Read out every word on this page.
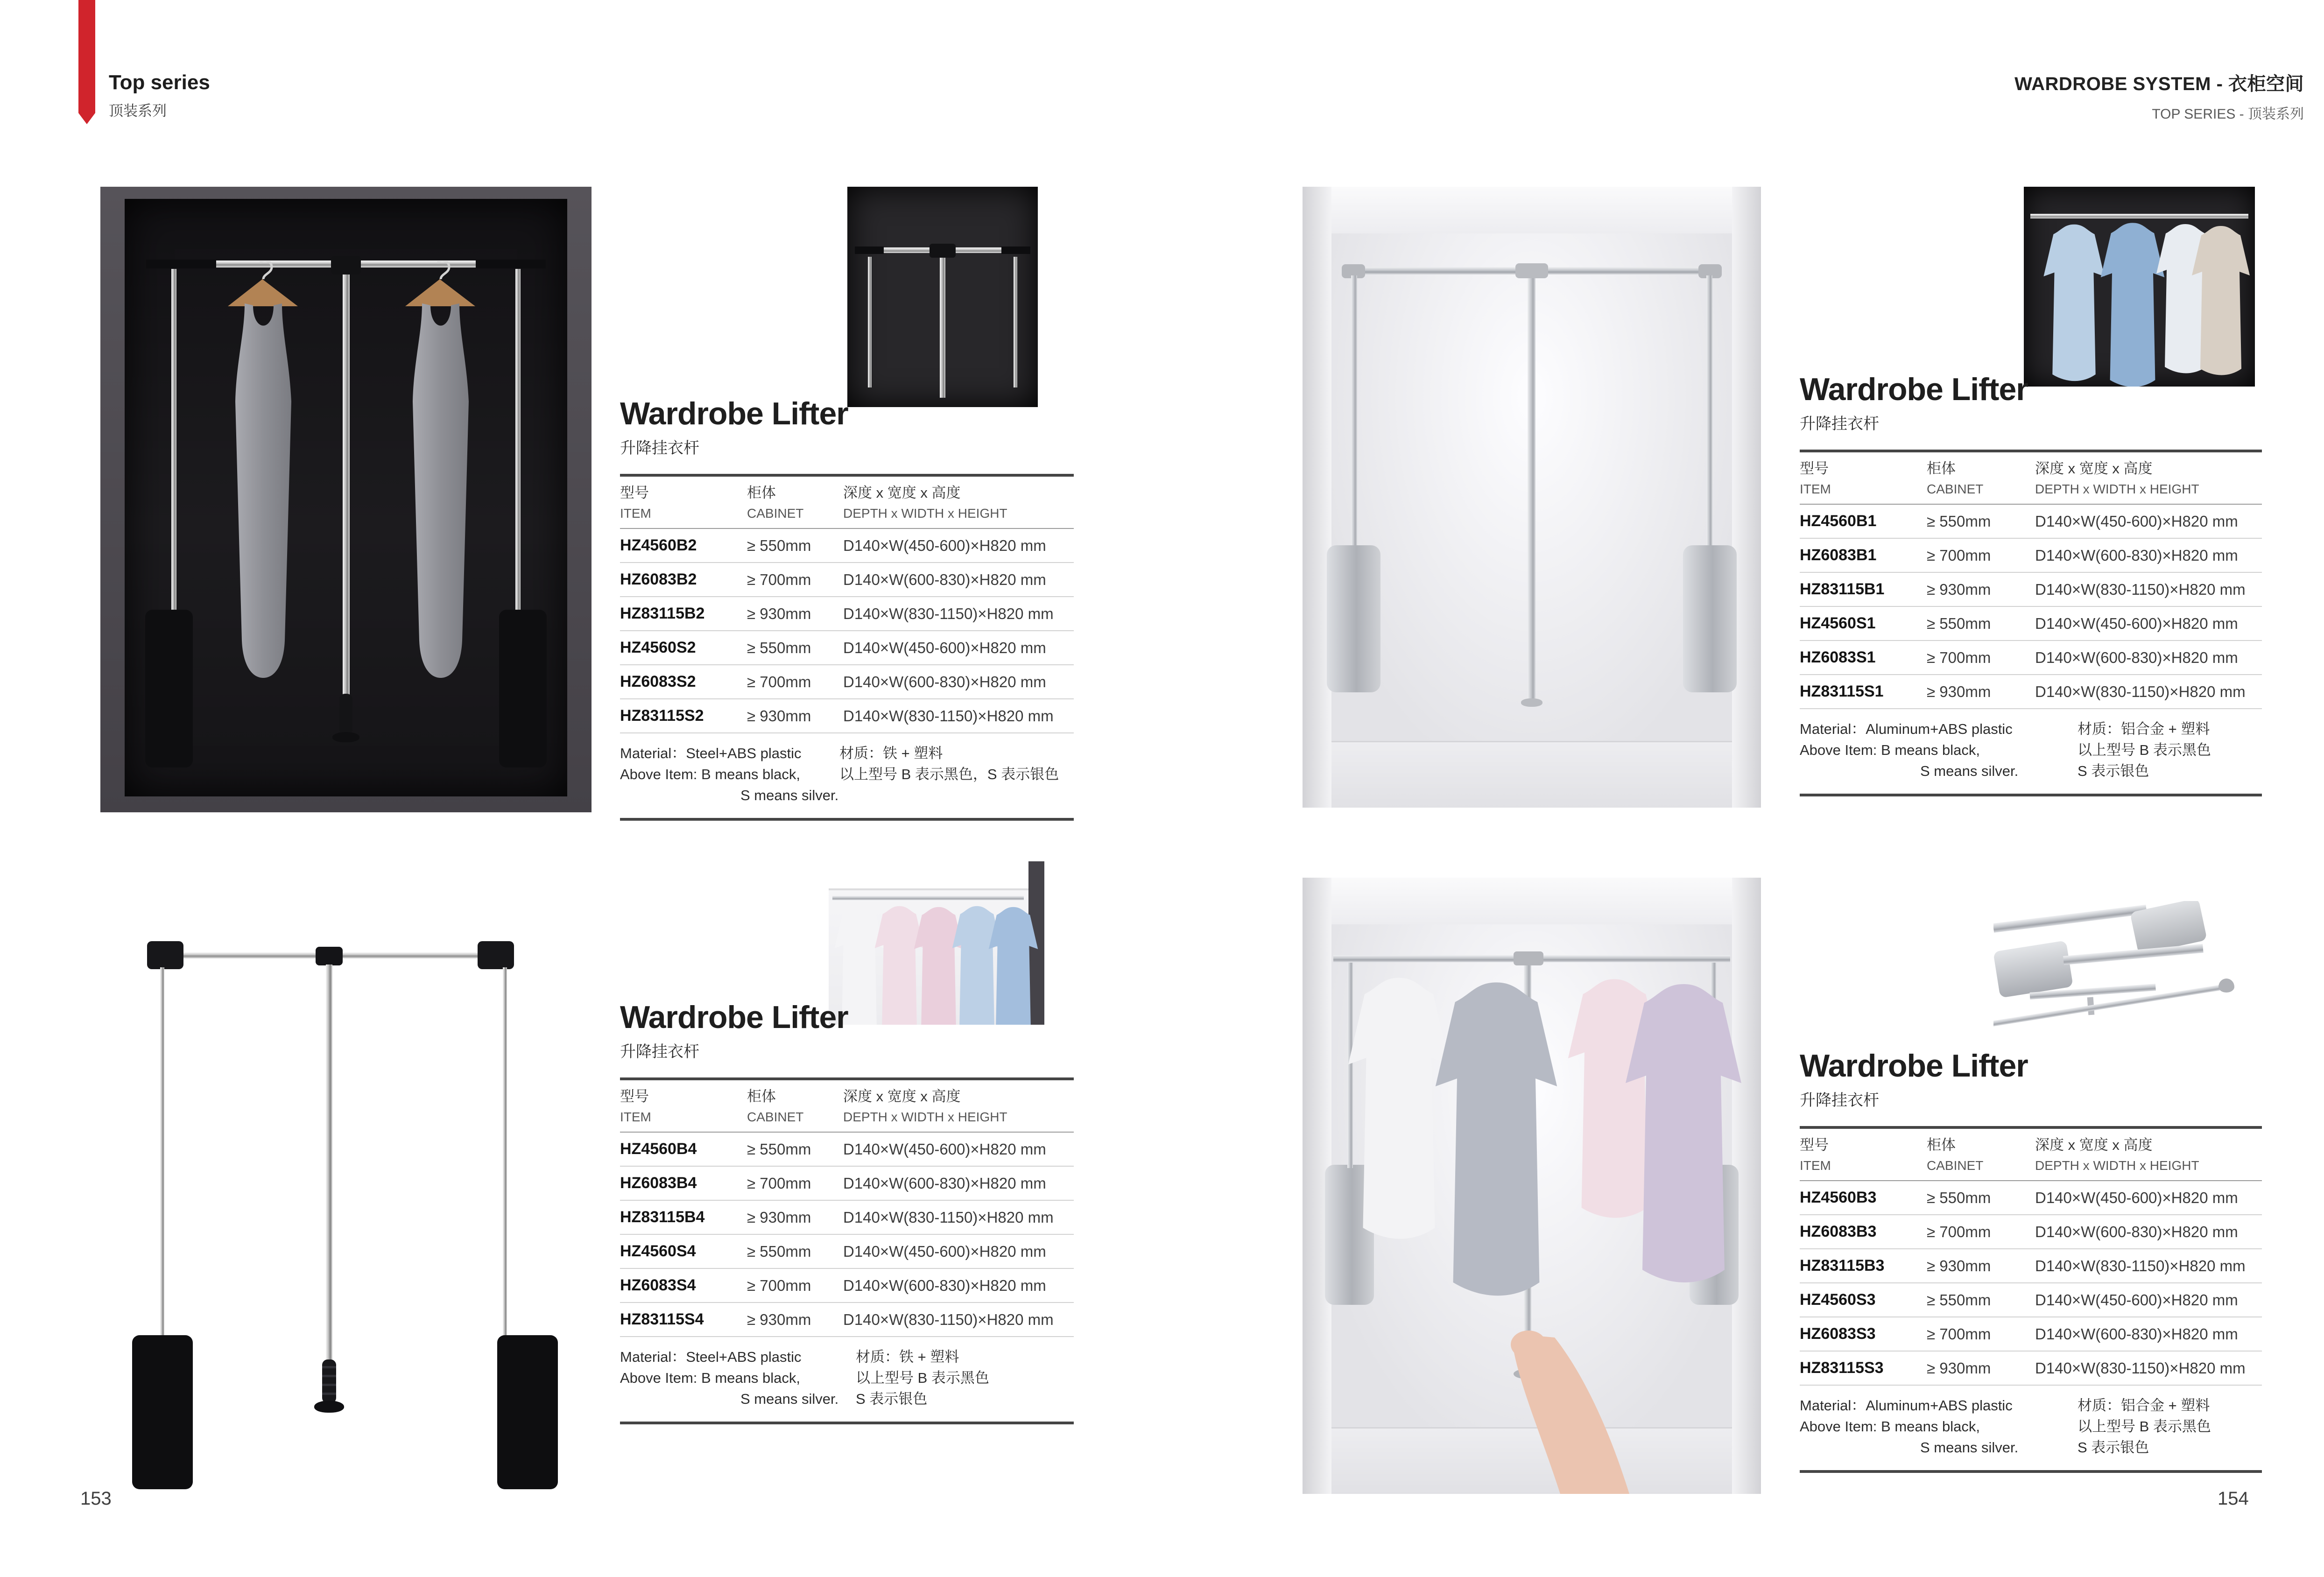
Top series
顶装系列
WARDROBE SYSTEM - 衣柜空间
TOP SERIES - 顶装系列
Wardrobe Lifter
升降挂衣杆
型号
ITEM
柜体
CABINET
深度 x 宽度 x 高度
DEPTH x WIDTH x HEIGHT
HZ4560B2	≥ 550mm	D140×W(450-600)×H820 mm
HZ6083B2	≥ 700mm	D140×W(600-830)×H820 mm
HZ83115B2	≥ 930mm	D140×W(830-1150)×H820 mm
HZ4560S2	≥ 550mm	D140×W(450-600)×H820 mm
HZ6083S2	≥ 700mm	D140×W(600-830)×H820 mm
HZ83115S2	≥ 930mm	D140×W(830-1150)×H820 mm
Material：Steel+ABS plastic
Above Item: B means black,
S means silver.
材质：铁 + 塑料
以上型号 B 表示黑色，S 表示银色
Wardrobe Lifter
升降挂衣杆
型号
ITEM
柜体
CABINET
深度 x 宽度 x 高度
DEPTH x WIDTH x HEIGHT
HZ4560B1	≥ 550mm	D140×W(450-600)×H820 mm
HZ6083B1	≥ 700mm	D140×W(600-830)×H820 mm
HZ83115B1	≥ 930mm	D140×W(830-1150)×H820 mm
HZ4560S1	≥ 550mm	D140×W(450-600)×H820 mm
HZ6083S1	≥ 700mm	D140×W(600-830)×H820 mm
HZ83115S1	≥ 930mm	D140×W(830-1150)×H820 mm
Material：Aluminum+ABS plastic
Above Item: B means black,
S means silver.
材质：铝合金 + 塑料
以上型号 B 表示黑色
S 表示银色
Wardrobe Lifter
升降挂衣杆
型号
ITEM
柜体
CABINET
深度 x 宽度 x 高度
DEPTH x WIDTH x HEIGHT
HZ4560B4	≥ 550mm	D140×W(450-600)×H820 mm
HZ6083B4	≥ 700mm	D140×W(600-830)×H820 mm
HZ83115B4	≥ 930mm	D140×W(830-1150)×H820 mm
HZ4560S4	≥ 550mm	D140×W(450-600)×H820 mm
HZ6083S4	≥ 700mm	D140×W(600-830)×H820 mm
HZ83115S4	≥ 930mm	D140×W(830-1150)×H820 mm
Material：Steel+ABS plastic
Above Item: B means black,
S means silver.
材质：铁 + 塑料
以上型号 B 表示黑色
S 表示银色
Wardrobe Lifter
升降挂衣杆
型号
ITEM
柜体
CABINET
深度 x 宽度 x 高度
DEPTH x WIDTH x HEIGHT
HZ4560B3	≥ 550mm	D140×W(450-600)×H820 mm
HZ6083B3	≥ 700mm	D140×W(600-830)×H820 mm
HZ83115B3	≥ 930mm	D140×W(830-1150)×H820 mm
HZ4560S3	≥ 550mm	D140×W(450-600)×H820 mm
HZ6083S3	≥ 700mm	D140×W(600-830)×H820 mm
HZ83115S3	≥ 930mm	D140×W(830-1150)×H820 mm
Material：Aluminum+ABS plastic
Above Item: B means black,
S means silver.
材质：铝合金 + 塑料
以上型号 B 表示黑色
S 表示银色
153	154
